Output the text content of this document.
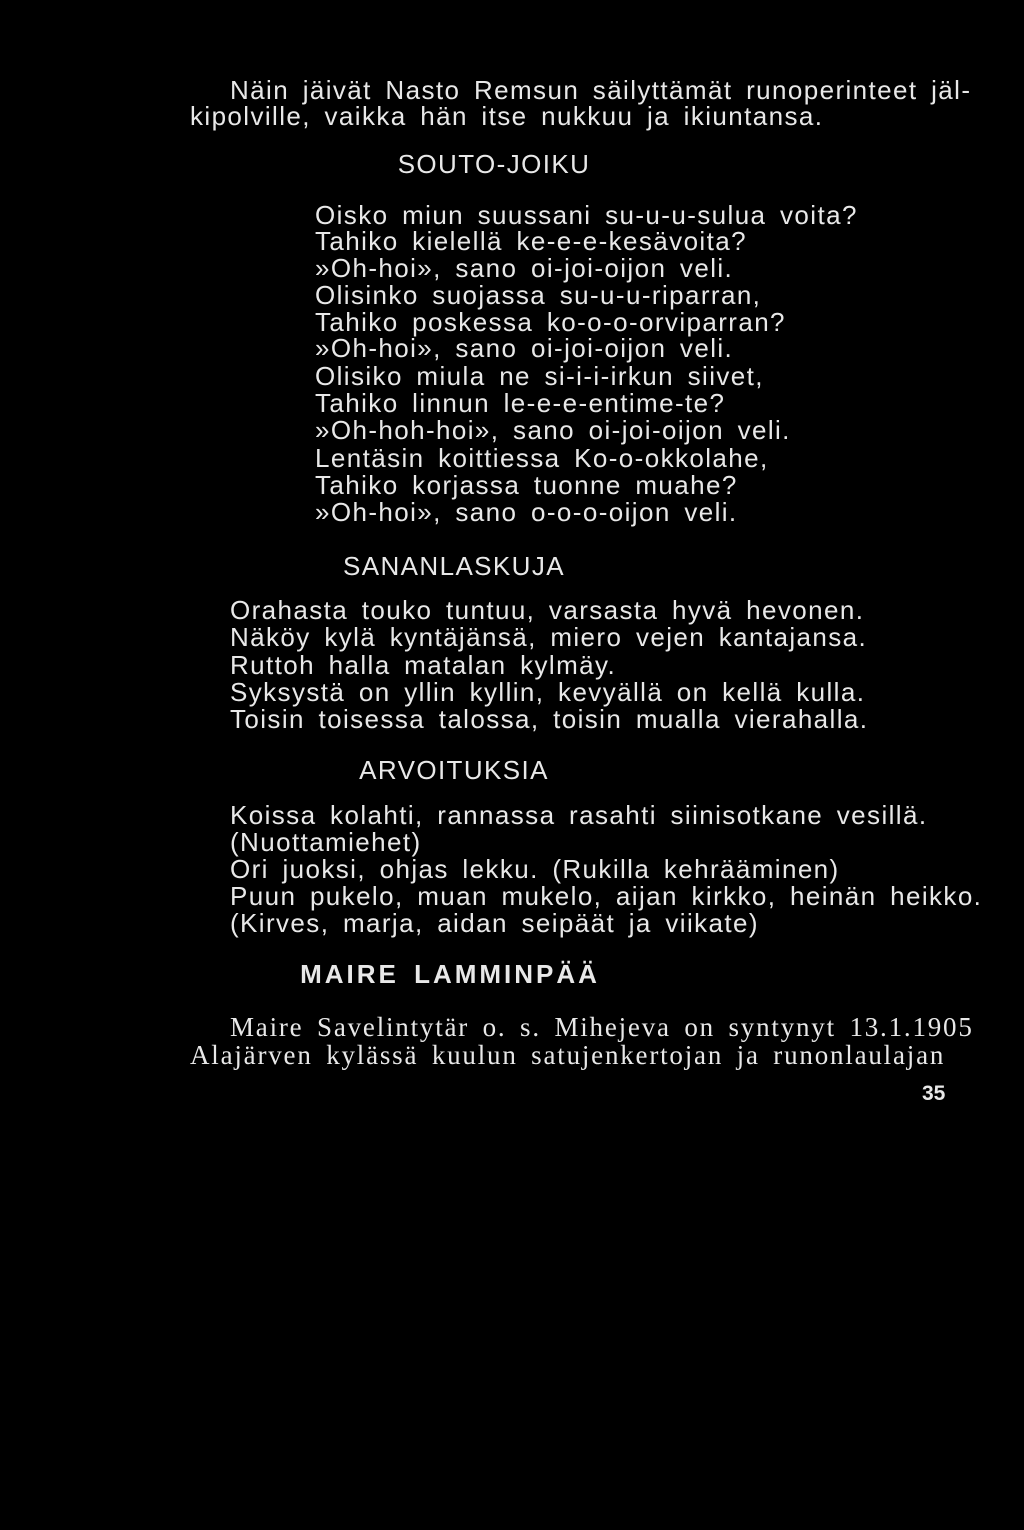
Näin jäivät Nasto Remsun säilyttämät runoperinteet jäl-
kipolville, vaikka hän itse nukkuu ja ikiuntansa.
SOUTO-JOIKU
Oisko miun suussani su-u-u-sulua voita?
Tahiko kielellä ke-e-e-kesävoita?
»Oh-hoi», sano oi-joi-oijon veli.
Olisinko suojassa su-u-u-riparran,
Tahiko poskessa ko-o-o-orviparran?
»Oh-hoi», sano oi-joi-oijon veli.
Olisiko miula ne si-i-i-irkun siivet,
Tahiko linnun le-e-e-entime-te?
»Oh-hoh-hoi», sano oi-joi-oijon veli.
Lentäsin koittiessa Ko-o-okkolahe,
Tahiko korjassa tuonne muahe?
»Oh-hoi», sano o-o-o-oijon veli.
SANANLASKUJA
Orahasta touko tuntuu, varsasta hyvä hevonen.
Näköy kylä kyntäjänsä, miero vejen kantajansa.
Ruttoh halla matalan kylmäy.
Syksystä on yllin kyllin, kevyällä on kellä kulla.
Toisin toisessa talossa, toisin mualla vierahalla.
ARVOITUKSIA
Koissa kolahti, rannassa rasahti siinisotkane vesillä.
(Nuottamiehet)
Ori juoksi, ohjas lekku. (Rukilla kehrääminen)
Puun pukelo, muan mukelo, aijan kirkko, heinän heikko.
(Kirves, marja, aidan seipäät ja viikate)
MAIRE LAMMINPÄÄ
Maire Savelintytär o. s. Mihejeva on syntynyt 13.1.1905
Alajärven kylässä kuulun satujenkertojan ja runonlaulajan
35
